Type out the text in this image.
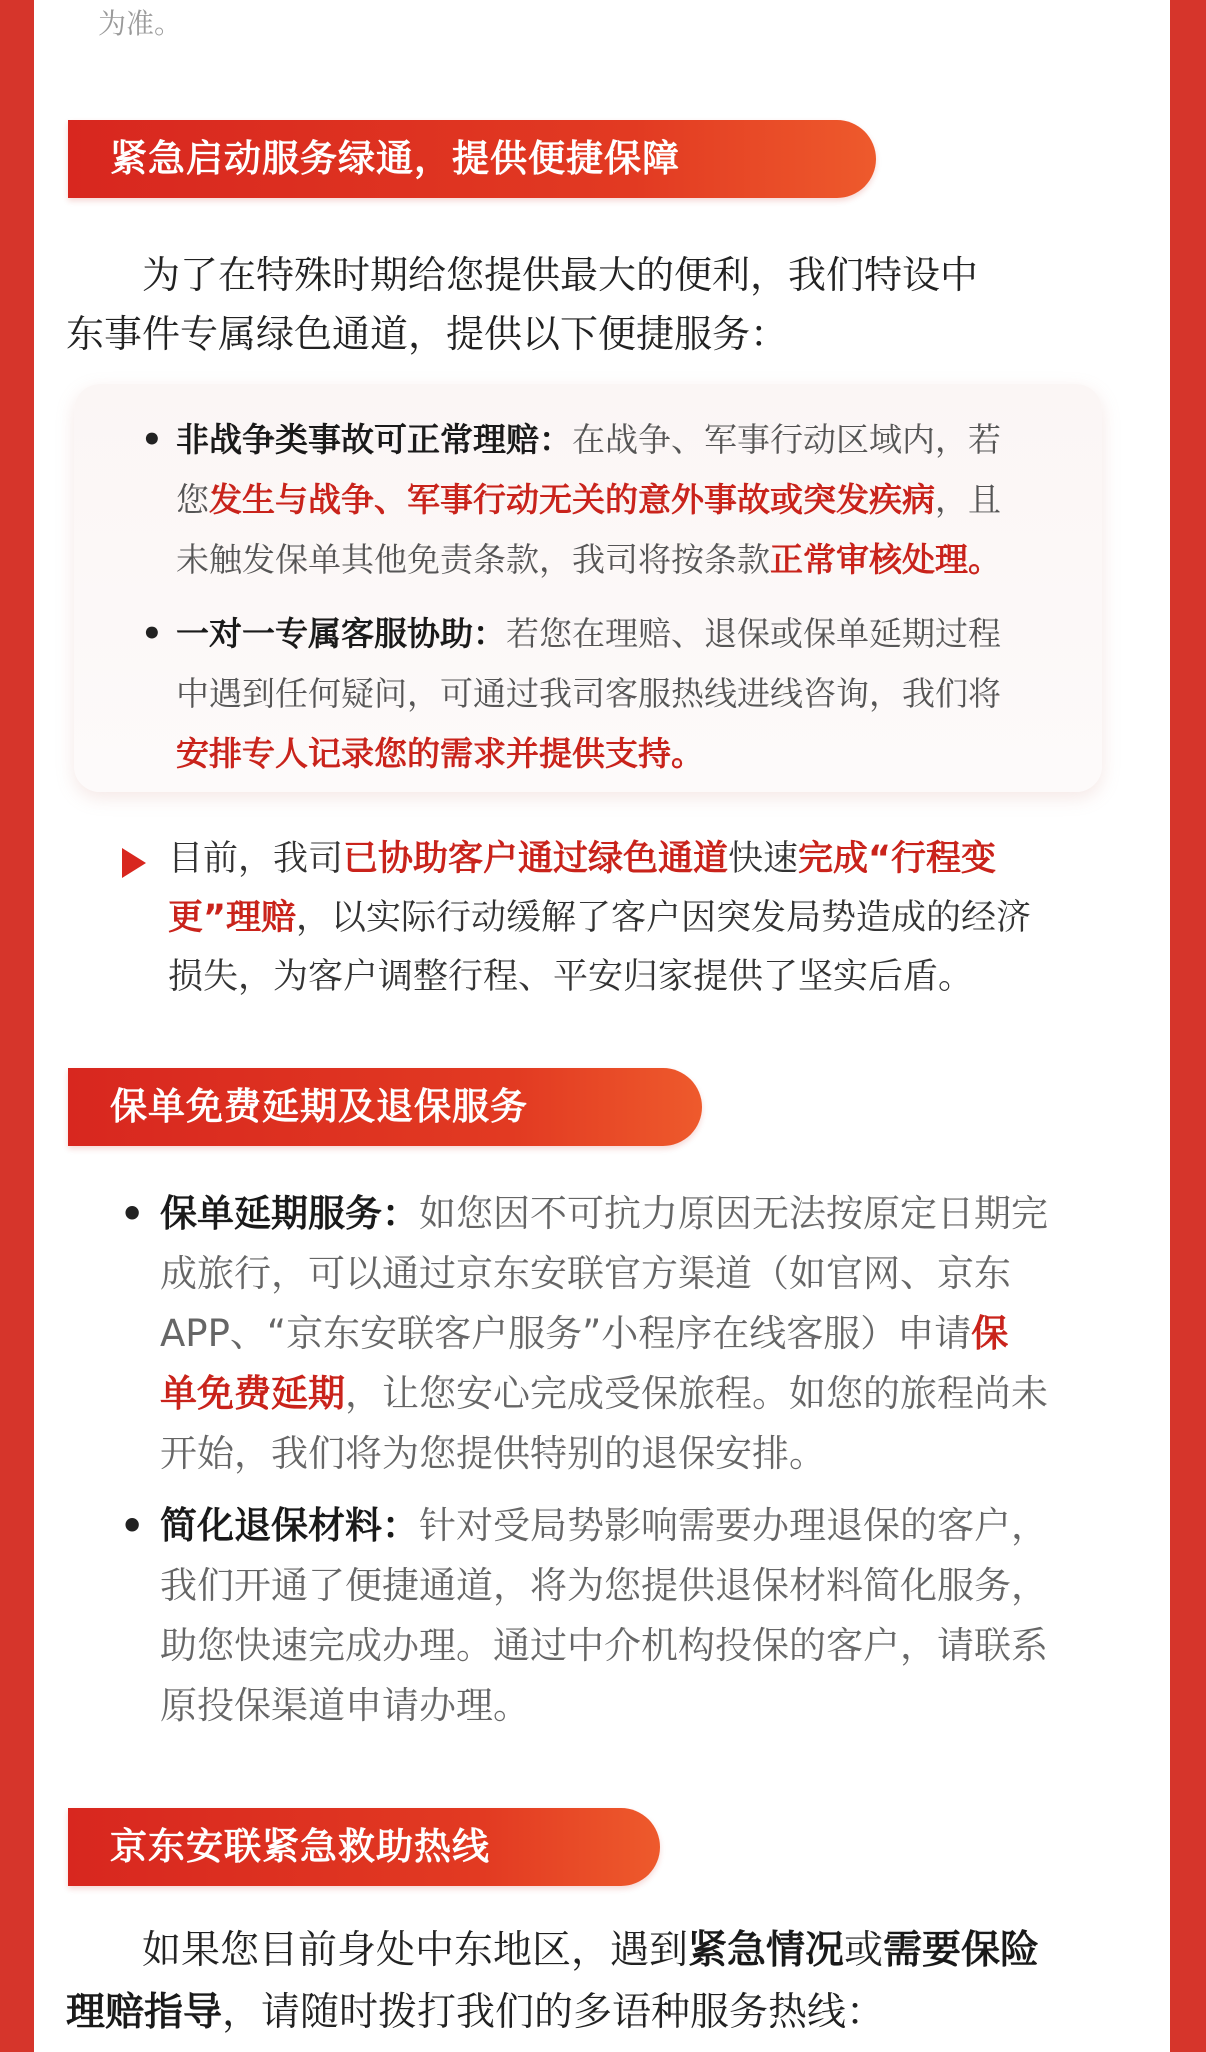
为准。
紧急启动服务绿通，提供便捷保障
为了在特殊时期给您提供最大的便利，我们特设中
东事件专属绿色通道，提供以下便捷服务：
• 非战争类事故可正常理赔：在战争、军事行动区域内，若
您发生与战争、军事行动无关的意外事故或突发疾病，且
未触发保单其他免责条款，我司将按条款正常审核处理。
• 一对一专属客服协助：若您在理赔、退保或保单延期过程
中遇到任何疑问，可通过我司客服热线进线咨询，我们将
安排专人记录您的需求并提供支持。
目前，我司已协助客户通过绿色通道快速完成“行程变
更”理赔，以实际行动缓解了客户因突发局势造成的经济
损失，为客户调整行程、平安归家提供了坚实后盾。
保单免费延期及退保服务
• 保单延期服务：如您因不可抗力原因无法按原定日期完
成旅行，可以通过京东安联官方渠道（如官网、京东
APP、“京东安联客户服务”小程序在线客服）申请保
单免费延期，让您安心完成受保旅程。如您的旅程尚未
开始，我们将为您提供特别的退保安排。
• 简化退保材料：针对受局势影响需要办理退保的客户，
我们开通了便捷通道，将为您提供退保材料简化服务，
助您快速完成办理。通过中介机构投保的客户，请联系
原投保渠道申请办理。
京东安联紧急救助热线
如果您目前身处中东地区，遇到紧急情况或需要保险
理赔指导，请随时拨打我们的多语种服务热线：
